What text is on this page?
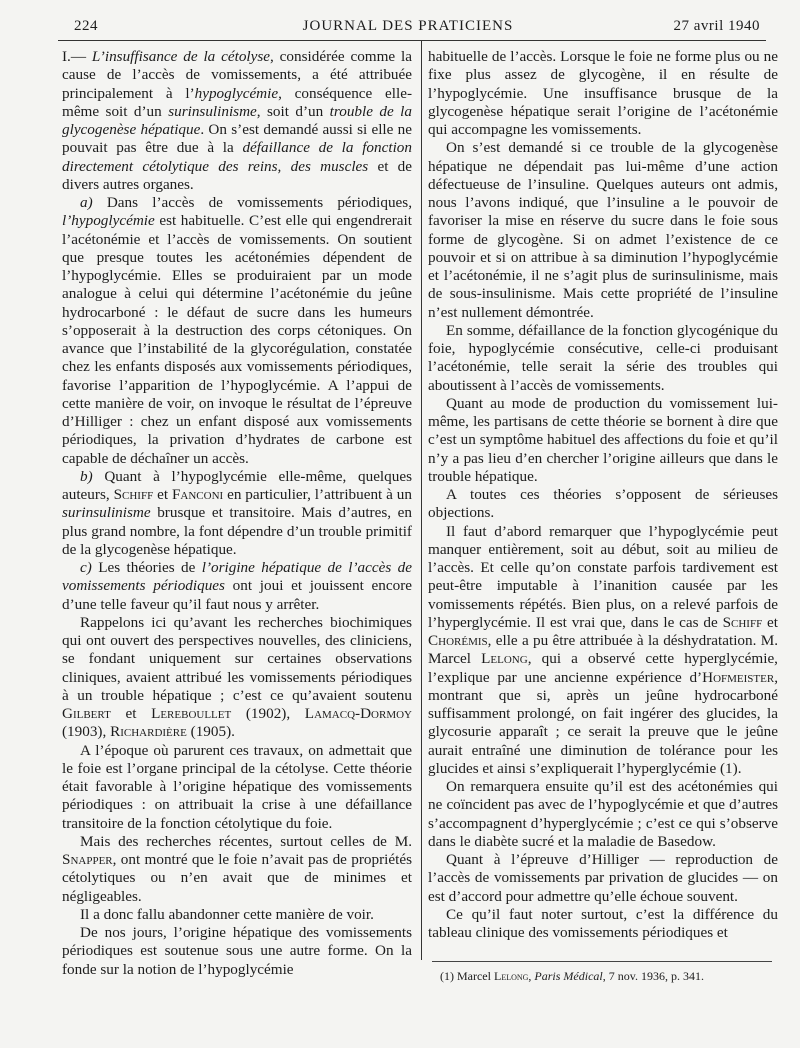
224	JOURNAL DES PRATICIENS	27 avril 1940

I.— L’insuffisance de la cétolyse, considérée comme la cause de l’accès de vomissements, a été attribuée principalement à l’hypoglycémie, conséquence elle-même soit d’un surinsulinisme, soit d’un trouble de la glycogenèse hépatique. On s’est demandé aussi si elle ne pouvait pas être due à la défaillance de la fonction directement cétolytique des reins, des muscles et de divers autres organes.

a) Dans l’accès de vomissements périodiques, l’hypoglycémie est habituelle. C’est elle qui engendrerait l’acétonémie et l’accès de vomissements. On soutient que presque toutes les acétonémies dépendent de l’hypoglycémie. Elles se produiraient par un mode analogue à celui qui détermine l’acétonémie du jeûne hydrocarboné : le défaut de sucre dans les humeurs s’opposerait à la destruction des corps cétoniques. On avance que l’instabilité de la glycorégulation, constatée chez les enfants disposés aux vomissements périodiques, favorise l’apparition de l’hypoglycémie. A l’appui de cette manière de voir, on invoque le résultat de l’épreuve d’Hilliger : chez un enfant disposé aux vomissements périodiques, la privation d’hydrates de carbone est capable de déchaîner un accès.

b) Quant à l’hypoglycémie elle-même, quelques auteurs, Schiff et Fanconi en particulier, l’attribuent à un surinsulinisme brusque et transitoire. Mais d’autres, en plus grand nombre, la font dépendre d’un trouble primitif de la glycogenèse hépatique.

c) Les théories de l’origine hépatique de l’accès de vomissements périodiques ont joui et jouissent encore d’une telle faveur qu’il faut nous y arrêter.

Rappelons ici qu’avant les recherches biochimiques qui ont ouvert des perspectives nouvelles, des cliniciens, se fondant uniquement sur certaines observations cliniques, avaient attribué les vomissements périodiques à un trouble hépatique ; c’est ce qu’avaient soutenu Gilbert et Lereboullet (1902), Lamacq-Dormoy (1903), Richardière (1905).

A l’époque où parurent ces travaux, on admettait que le foie est l’organe principal de la cétolyse. Cette théorie était favorable à l’origine hépatique des vomissements périodiques : on attribuait la crise à une défaillance transitoire de la fonction cétolytique du foie.

Mais des recherches récentes, surtout celles de M. Snapper, ont montré que le foie n’avait pas de propriétés cétolytiques ou n’en avait que de minimes et négligeables.

Il a donc fallu abandonner cette manière de voir.

De nos jours, l’origine hépatique des vomissements périodiques est soutenue sous une autre forme. On la fonde sur la notion de l’hypoglycémie

habituelle de l’accès. Lorsque le foie ne forme plus ou ne fixe plus assez de glycogène, il en résulte de l’hypoglycémie. Une insuffisance brusque de la glycogenèse hépatique serait l’origine de l’acétonémie qui accompagne les vomissements.

On s’est demandé si ce trouble de la glycogenèse hépatique ne dépendait pas lui-même d’une action défectueuse de l’insuline. Quelques auteurs ont admis, nous l’avons indiqué, que l’insuline a le pouvoir de favoriser la mise en réserve du sucre dans le foie sous forme de glycogène. Si on admet l’existence de ce pouvoir et si on attribue à sa diminution l’hypoglycémie et l’acétonémie, il ne s’agit plus de surinsulinisme, mais de sous-insulinisme. Mais cette propriété de l’insuline n’est nullement démontrée.

En somme, défaillance de la fonction glycogénique du foie, hypoglycémie consécutive, celle-ci produisant l’acétonémie, telle serait la série des troubles qui aboutissent à l’accès de vomissements.

Quant au mode de production du vomissement lui-même, les partisans de cette théorie se bornent à dire que c’est un symptôme habituel des affections du foie et qu’il n’y a pas lieu d’en chercher l’origine ailleurs que dans le trouble hépatique.

A toutes ces théories s’opposent de sérieuses objections.

Il faut d’abord remarquer que l’hypoglycémie peut manquer entièrement, soit au début, soit au milieu de l’accès. Et celle qu’on constate parfois tardivement est peut-être imputable à l’inanition causée par les vomissements répétés. Bien plus, on a relevé parfois de l’hyperglycémie. Il est vrai que, dans le cas de Schiff et Chorémis, elle a pu être attribuée à la déshydratation. M. Marcel Lelong, qui a observé cette hyperglycémie, l’explique par une ancienne expérience d’Hofmeister, montrant que si, après un jeûne hydrocarboné suffisamment prolongé, on fait ingérer des glucides, la glycosurie apparaît ; ce serait la preuve que le jeûne aurait entraîné une diminution de tolérance pour les glucides et ainsi s’expliquerait l’hyperglycémie (1).

On remarquera ensuite qu’il est des acétonémies qui ne coïncident pas avec de l’hypoglycémie et que d’autres s’accompagnent d’hyperglycémie ; c’est ce qui s’observe dans le diabète sucré et la maladie de Basedow.

Quant à l’épreuve d’Hilliger — reproduction de l’accès de vomissements par privation de glucides — on est d’accord pour admettre qu’elle échoue souvent.

Ce qu’il faut noter surtout, c’est la différence du tableau clinique des vomissements périodiques et

(1) Marcel Lelong, Paris Médical, 7 nov. 1936, p. 341.
